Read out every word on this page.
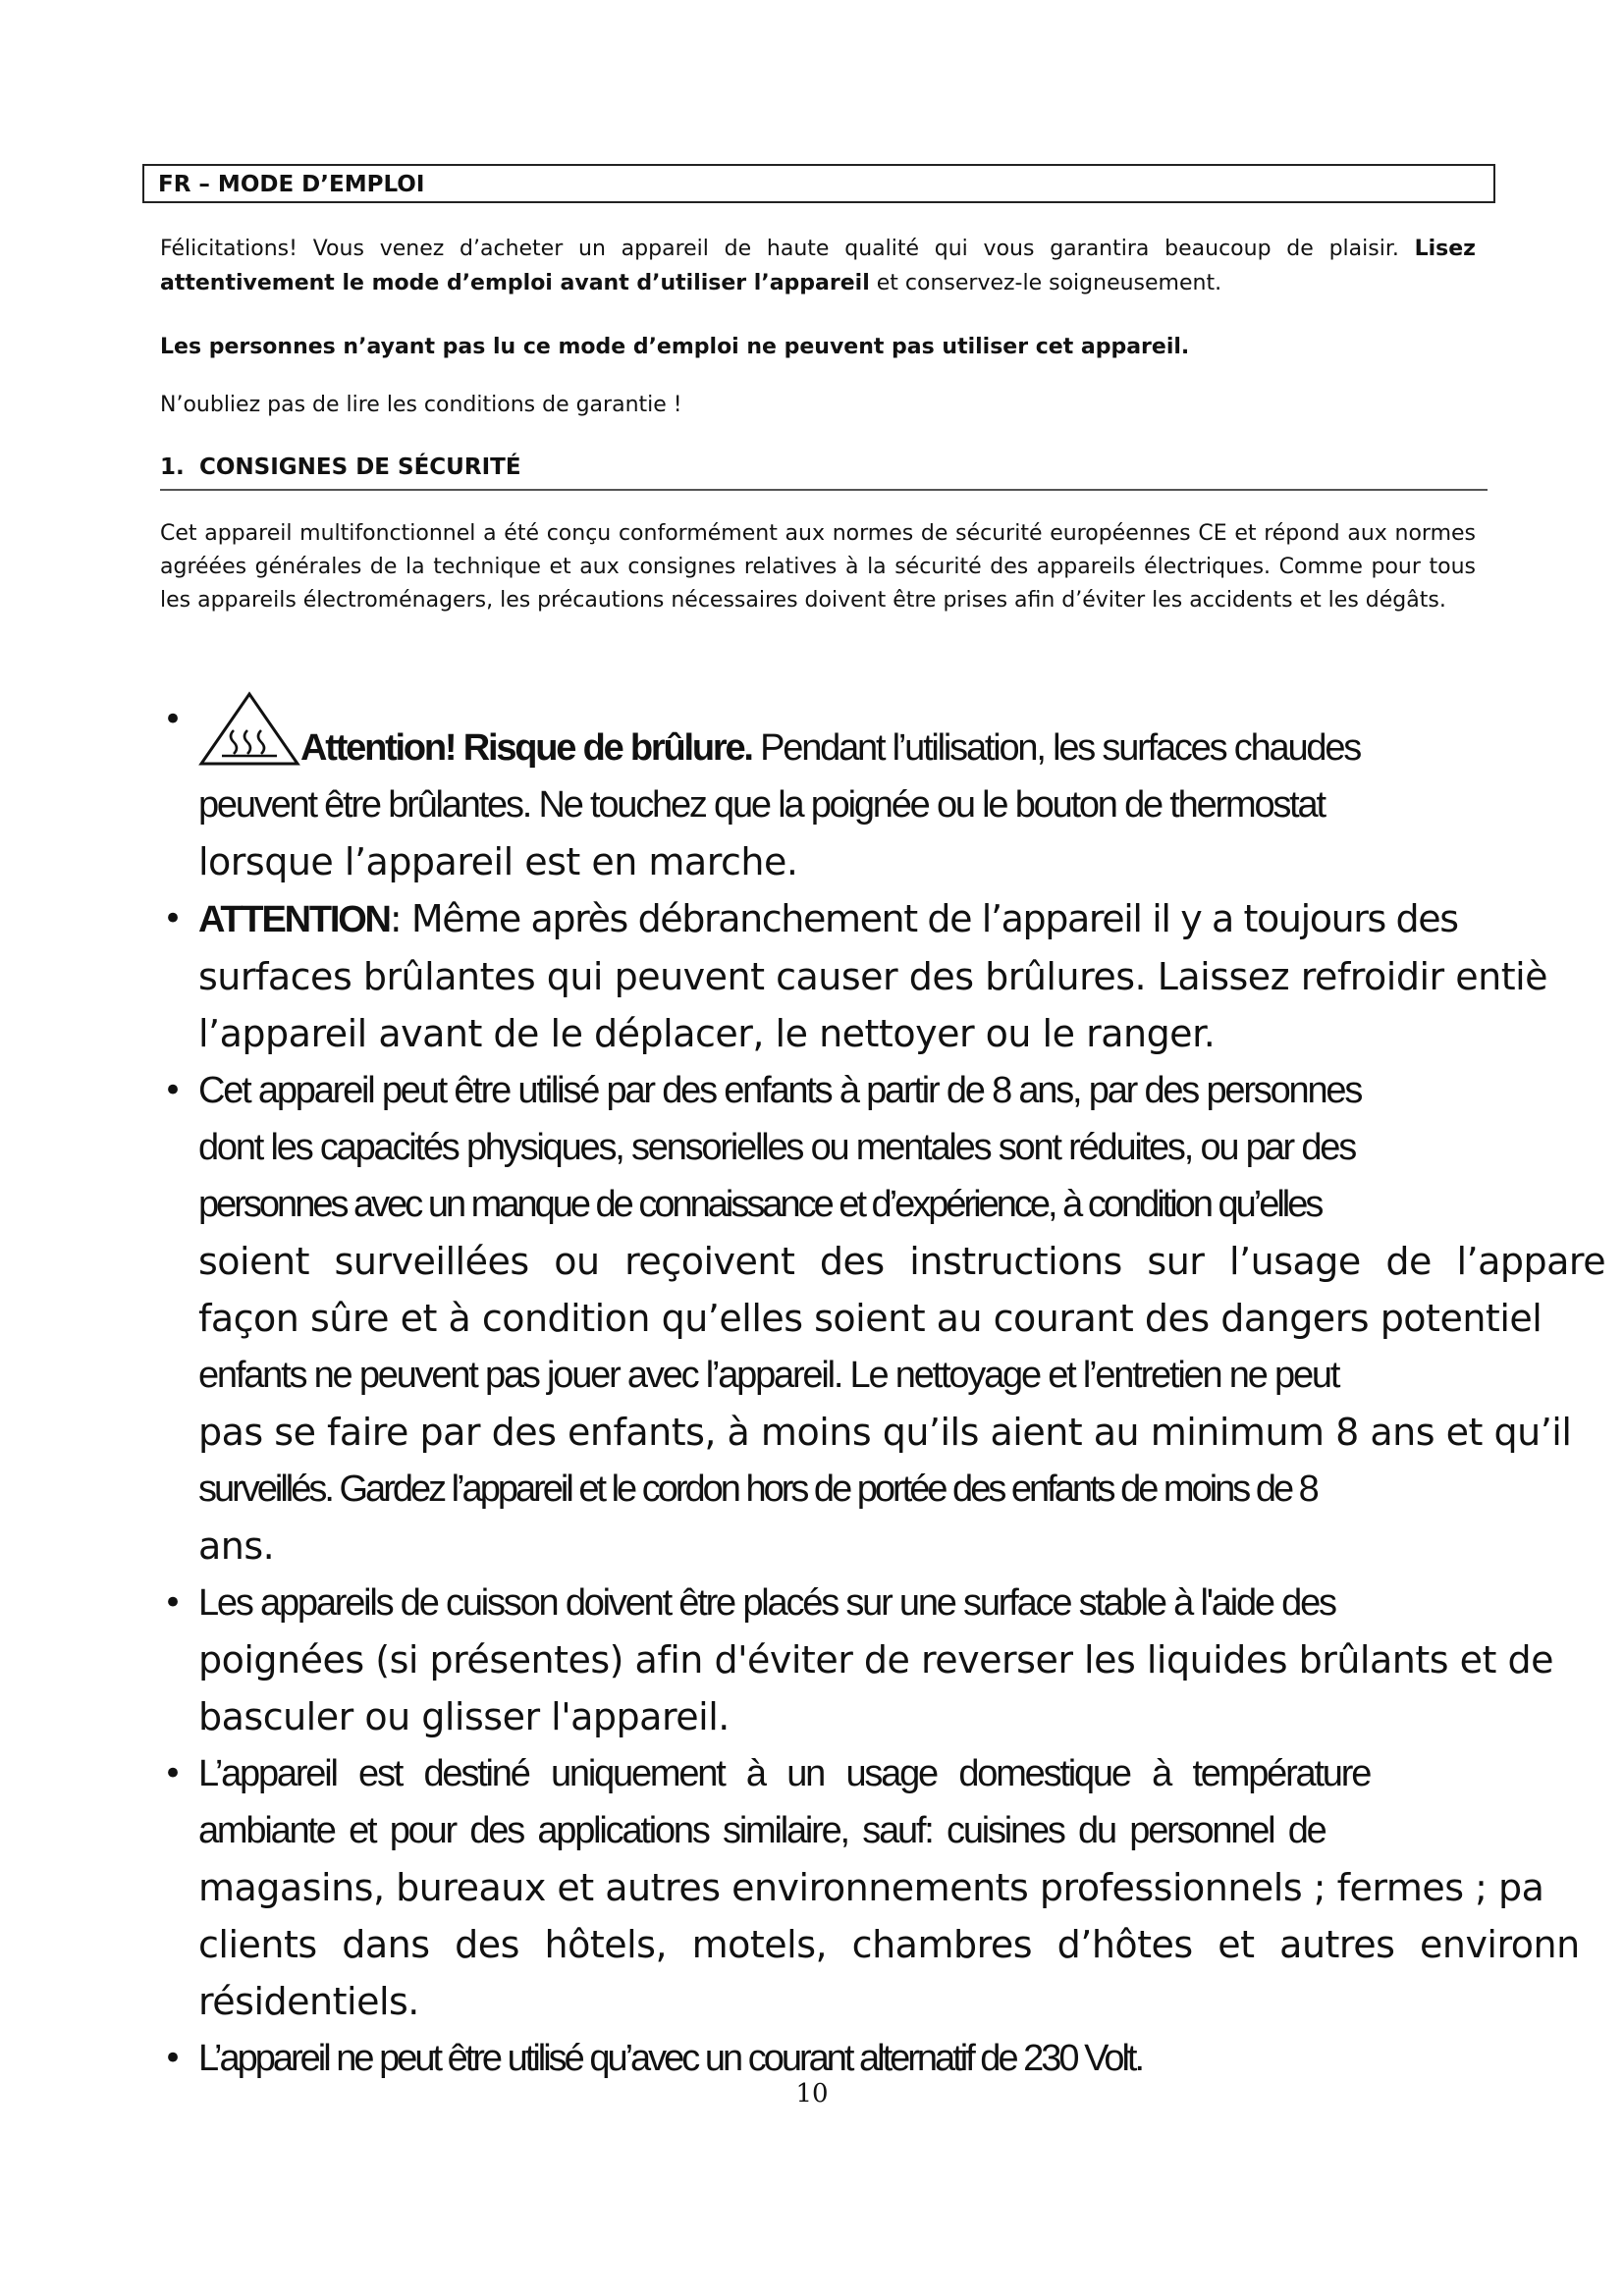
FR – MODE D’EMPLOI

Félicitations! Vous venez d’acheter un appareil de haute qualité qui vous garantira beaucoup de plaisir. Lisez attentivement le mode d’emploi avant d’utiliser l’appareil et conservez-le soigneusement.

Les personnes n’ayant pas lu ce mode d’emploi ne peuvent pas utiliser cet appareil.

N’oubliez pas de lire les conditions de garantie !

1. CONSIGNES DE SÉCURITÉ

Cet appareil multifonctionnel a été conçu conformément aux normes de sécurité européennes CE et répond aux normes agréées générales de la technique et aux consignes relatives à la sécurité des appareils électriques. Comme pour tous les appareils électroménagers, les précautions nécessaires doivent être prises afin d’éviter les accidents et les dégâts.

•
Attention! Risque de brûlure. Pendant l’utilisation, les surfaces chaudes
peuvent être brûlantes. Ne touchez que la poignée ou le bouton de thermostat
lorsque l’appareil est en marche.
• ATTENTION: Même après débranchement de l’appareil il y a toujours des
surfaces brûlantes qui peuvent causer des brûlures. Laissez refroidir entiè
l’appareil avant de le déplacer, le nettoyer ou le ranger.
• Cet appareil peut être utilisé par des enfants à partir de 8 ans, par des personnes
dont les capacités physiques, sensorielles ou mentales sont réduites, ou par des
personnes avec un manque de connaissance et d’expérience, à condition qu’elles
soient surveillées ou reçoivent des instructions sur l’usage de l’appare
façon sûre et à condition qu’elles soient au courant des dangers potentiel
enfants ne peuvent pas jouer avec l’appareil. Le nettoyage et l’entretien ne peut
pas se faire par des enfants, à moins qu’ils aient au minimum 8 ans et qu’il
surveillés. Gardez l’appareil et le cordon hors de portée des enfants de moins de 8
ans.
• Les appareils de cuisson doivent être placés sur une surface stable à l'aide des
poignées (si présentes) afin d'éviter de reverser les liquides brûlants et de
basculer ou glisser l'appareil.
• L’appareil est destiné uniquement à un usage domestique à température
ambiante et pour des applications similaire, sauf: cuisines du personnel de
magasins, bureaux et autres environnements professionnels ; fermes ; pa
clients dans des hôtels, motels, chambres d’hôtes et autres environn
résidentiels.
• L’appareil ne peut être utilisé qu’avec un courant alternatif de 230 Volt.
10
